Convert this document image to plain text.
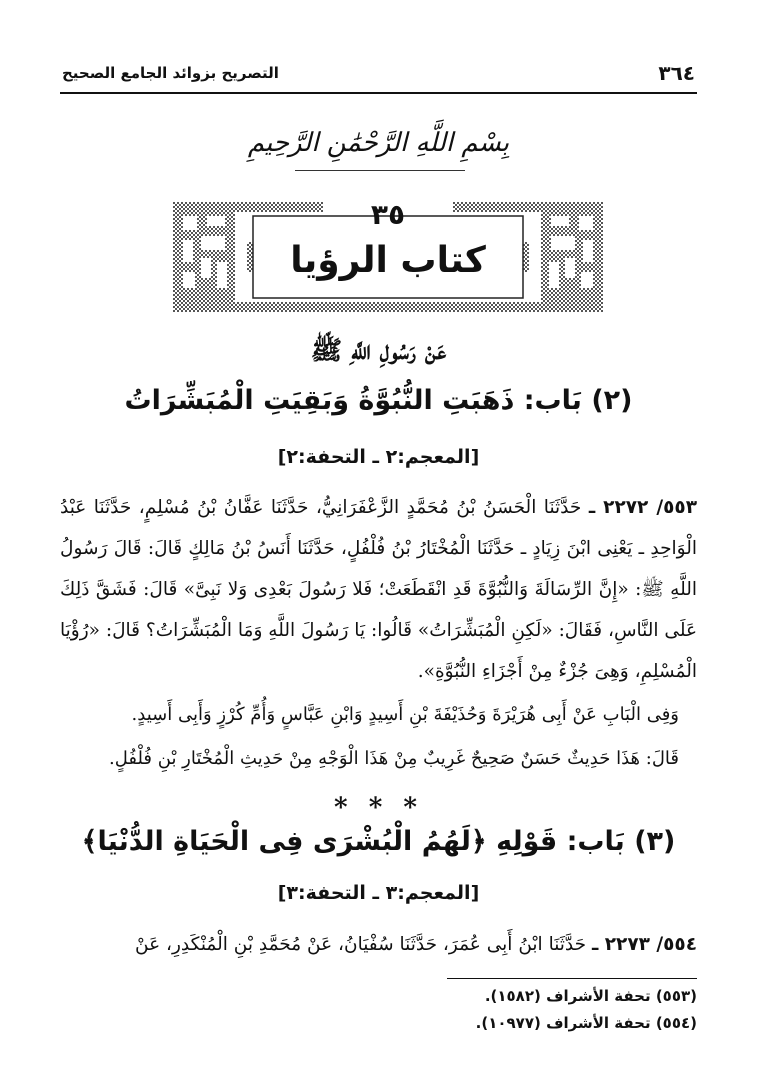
٣٦٤
التصريح بزوائد الجامع الصحيح
بِسْمِ اللَّهِ الرَّحْمَٰنِ الرَّحِيمِ
٣٥
كتاب الرؤيا
عَنْ رَسُولِ اللَّهِ ﷺ
(٢) بَاب: ذَهَبَتِ النُّبُوَّةُ وَبَقِيَتِ الْمُبَشِّرَاتُ
[المعجم:٢ ـ التحفة:٢]
٥٥٣/ ٢٢٧٢ ـ حَدَّثَنَا الْحَسَنُ بْنُ مُحَمَّدٍ الزَّعْفَرَانِيُّ، حَدَّثَنَا عَفَّانُ بْنُ مُسْلِمٍ، حَدَّثَنَا عَبْدُ الْوَاحِدِ ـ يَعْنِى ابْنَ زِيَادٍ ـ حَدَّثَنَا الْمُخْتَارُ بْنُ فُلْفُلٍ، حَدَّثَنَا أَنَسُ بْنُ مَالِكٍ قَالَ: قَالَ رَسُولُ اللَّهِ ﷺ: «إِنَّ الرِّسَالَةَ وَالنُّبُوَّةَ قَدِ انْقَطَعَتْ؛ فَلا رَسُولَ بَعْدِى وَلا نَبِىَّ» قَالَ: فَشَقَّ ذَلِكَ عَلَى النَّاسِ، فَقَالَ: «لَكِنِ الْمُبَشِّرَاتُ» قَالُوا: يَا رَسُولَ اللَّهِ وَمَا الْمُبَشِّرَاتُ؟ قَالَ: «رُؤْيَا الْمُسْلِمِ، وَهِىَ جُزْءٌ مِنْ أَجْزَاءِ النُّبُوَّةِ».
وَفِى الْبَابِ عَنْ أَبِى هُرَيْرَةَ وَحُذَيْفَةَ بْنِ أَسِيدٍ وَابْنِ عَبَّاسٍ وَأُمِّ كُرْزٍ وَأَبِى أَسِيدٍ.
قَالَ: هَذَا حَدِيثٌ حَسَنٌ صَحِيحٌ غَرِيبٌ مِنْ هَذَا الْوَجْهِ مِنْ حَدِيثِ الْمُخْتَارِ بْنِ فُلْفُلٍ.
* * *
(٣) بَاب: قَوْلِهِ ﴿لَهُمُ الْبُشْرَى فِى الْحَيَاةِ الدُّنْيَا﴾
[المعجم:٣ ـ التحفة:٣]
٥٥٤/ ٢٢٧٣ ـ حَدَّثَنَا ابْنُ أَبِى عُمَرَ، حَدَّثَنَا سُفْيَانُ، عَنْ مُحَمَّدِ بْنِ الْمُنْكَدِرِ، عَنْ
(٥٥٣) تحفة الأشراف (١٥٨٢).
(٥٥٤) تحفة الأشراف (١٠٩٧٧).
